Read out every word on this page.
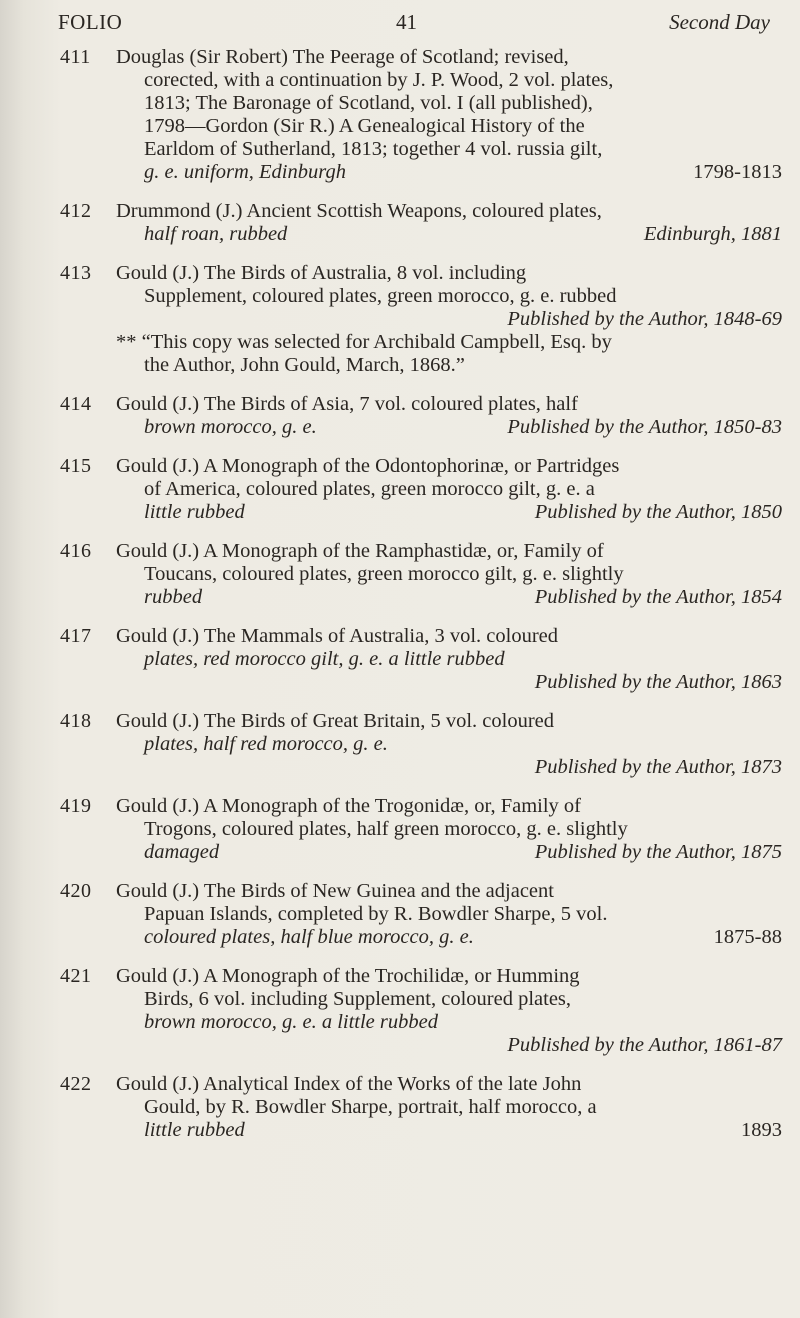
FOLIO	41	Second Day
411 Douglas (Sir Robert) The Peerage of Scotland; revised,
corected, with a continuation by J. P. Wood, 2 vol. plates,
1813; The Baronage of Scotland, vol. I (all published),
1798—Gordon (Sir R.) A Genealogical History of the
Earldom of Sutherland, 1813; together 4 vol. russia gilt,
g. e. uniform, Edinburgh	1798-1813
412 Drummond (J.) Ancient Scottish Weapons, coloured plates,
half roan, rubbed	Edinburgh, 1881
413 Gould (J.) The Birds of Australia, 8 vol. including
Supplement, coloured plates, green morocco, g. e. rubbed
Published by the Author, 1848-69
** “This copy was selected for Archibald Campbell, Esq. by
the Author, John Gould, March, 1868.”
414 Gould (J.) The Birds of Asia, 7 vol. coloured plates, half
brown morocco, g. e.	Published by the Author, 1850-83
415 Gould (J.) A Monograph of the Odontophorinæ, or Partridges
of America, coloured plates, green morocco gilt, g. e. a
little rubbed	Published by the Author, 1850
416 Gould (J.) A Monograph of the Ramphastidæ, or, Family of
Toucans, coloured plates, green morocco gilt, g. e. slightly
rubbed	Published by the Author, 1854
417 Gould (J.) The Mammals of Australia, 3 vol. coloured
plates, red morocco gilt, g. e. a little rubbed
Published by the Author, 1863
418 Gould (J.) The Birds of Great Britain, 5 vol. coloured
plates, half red morocco, g. e.
Published by the Author, 1873
419 Gould (J.) A Monograph of the Trogonidæ, or, Family of
Trogons, coloured plates, half green morocco, g. e. slightly
damaged	Published by the Author, 1875
420 Gould (J.) The Birds of New Guinea and the adjacent
Papuan Islands, completed by R. Bowdler Sharpe, 5 vol.
coloured plates, half blue morocco, g. e.	1875-88
421 Gould (J.) A Monograph of the Trochilidæ, or Humming
Birds, 6 vol. including Supplement, coloured plates,
brown morocco, g. e. a little rubbed
Published by the Author, 1861-87
422 Gould (J.) Analytical Index of the Works of the late John
Gould, by R. Bowdler Sharpe, portrait, half morocco, a
little rubbed	1893
